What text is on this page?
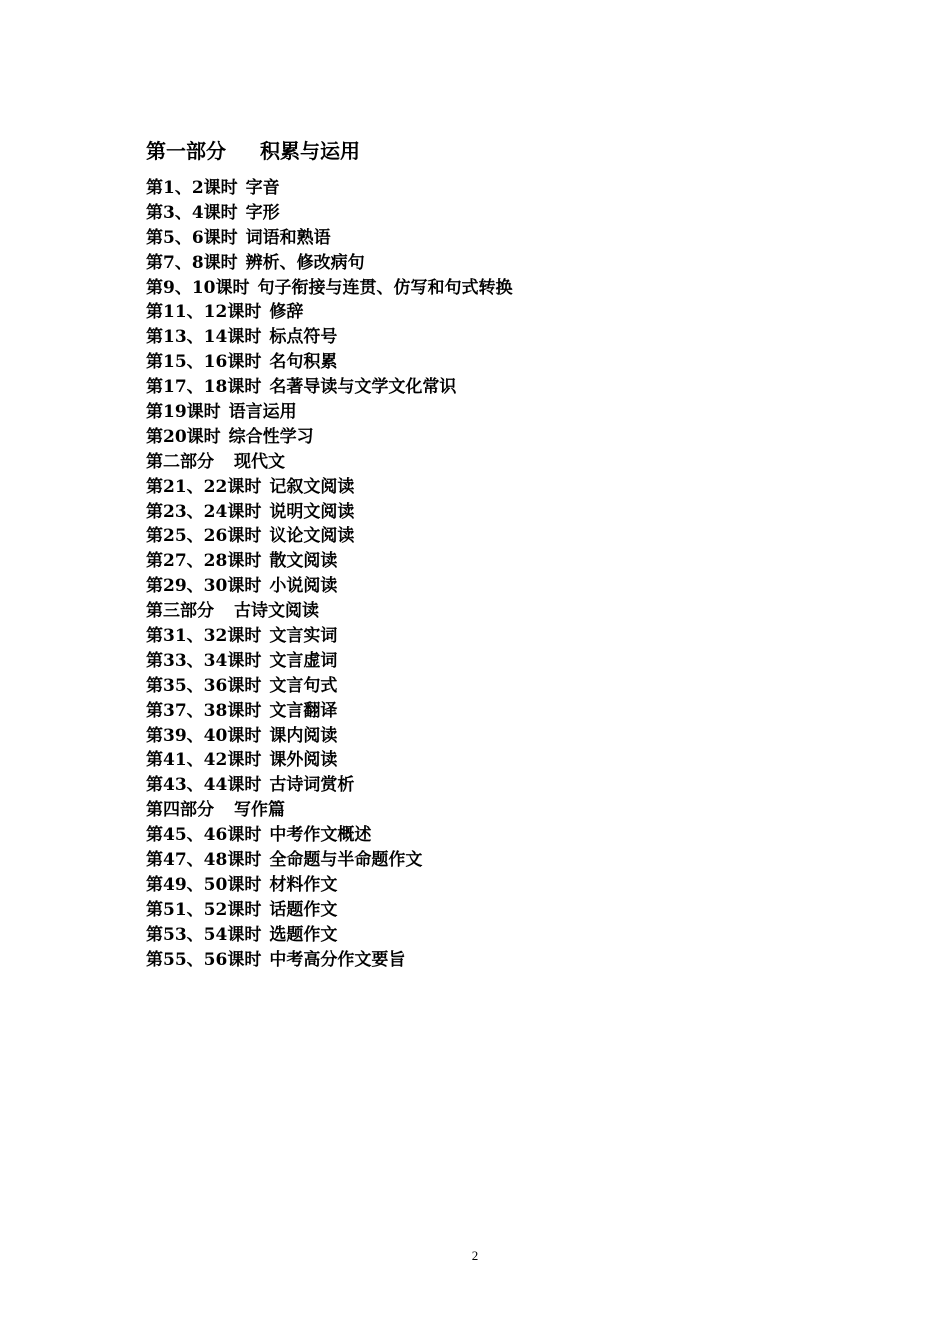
第一部分 积累与运用
第1、2课时 字音
第3、4课时 字形
第5、6课时 词语和熟语
第7、8课时 辨析、修改病句
第9、10课时 句子衔接与连贯、仿写和句式转换
第11、12课时 修辞
第13、14课时 标点符号
第15、16课时 名句积累
第17、18课时 名著导读与文学文化常识
第19课时 语言运用
第20课时 综合性学习
第二部分 现代文
第21、22课时 记叙文阅读
第23、24课时 说明文阅读
第25、26课时 议论文阅读
第27、28课时 散文阅读
第29、30课时 小说阅读
第三部分 古诗文阅读
第31、32课时 文言实词
第33、34课时 文言虚词
第35、36课时 文言句式
第37、38课时 文言翻译
第39、40课时 课内阅读
第41、42课时 课外阅读
第43、44课时 古诗词赏析
第四部分 写作篇
第45、46课时 中考作文概述
第47、48课时 全命题与半命题作文
第49、50课时 材料作文
第51、52课时 话题作文
第53、54课时 选题作文
第55、56课时 中考高分作文要旨
2
